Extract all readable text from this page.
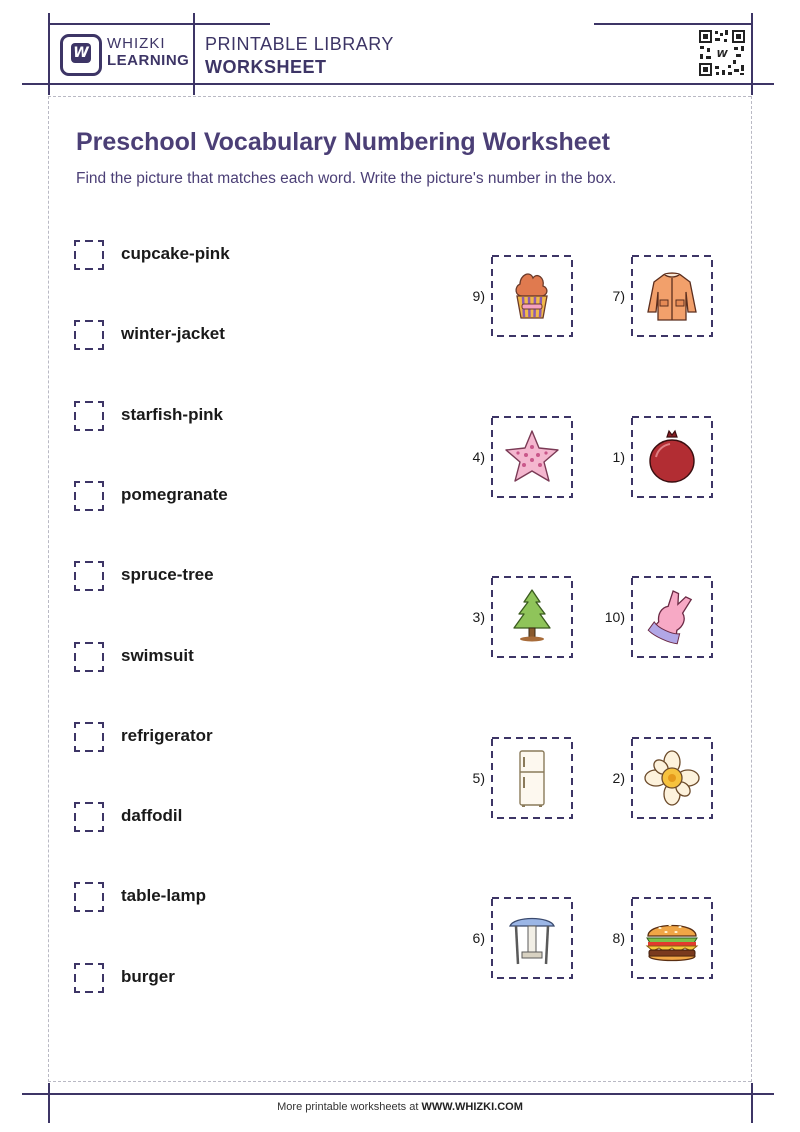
W
WHIZKI
LEARNING
PRINTABLE LIBRARY
WORKSHEET
W
Preschool Vocabulary Numbering Worksheet
Find the picture that matches each word. Write the picture's number in the box.
cupcake-pink
winter-jacket
starfish-pink
pomegranate
spruce-tree
swimsuit
refrigerator
daffodil
table-lamp
burger
9)	7)
4)	1)
3)	10)
5)	2)
6)	8)
More printable worksheets at WWW.WHIZKI.COM
